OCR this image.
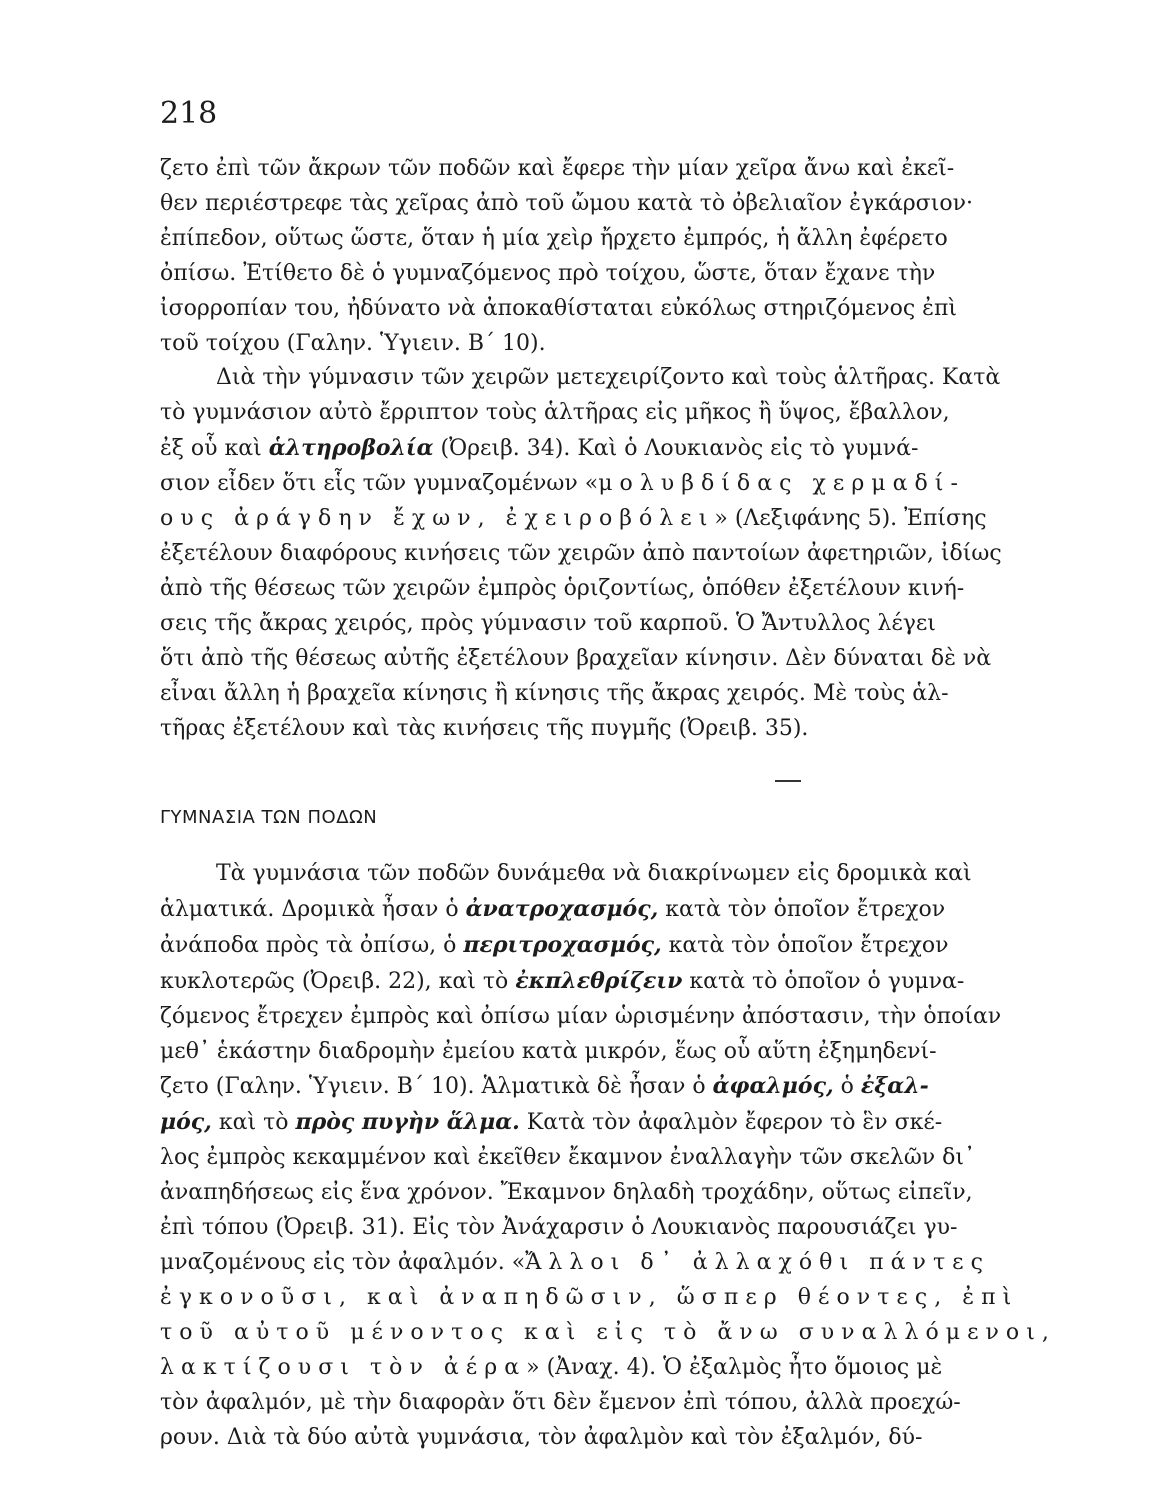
218
ζετο ἐπὶ τῶν ἄκρων τῶν ποδῶν καὶ ἔφερε τὴν μίαν χεῖρα ἄνω καὶ ἐκεῖ-
θεν περιέστρεφε τὰς χεῖρας ἀπὸ τοῦ ὤμου κατὰ τὸ ὀβελιαῖον ἐγκάρσιον·
ἐπίπεδον, οὕτως ὥστε, ὅταν ἡ μία χεὶρ ἤρχετο ἐμπρός, ἡ ἄλλη ἐφέρετο
ὀπίσω. Ἐτίθετο δὲ ὁ γυμναζόμενος πρὸ τοίχου, ὥστε, ὅταν ἔχανε τὴν
ἰσορροπίαν του, ἠδύνατο νὰ ἀποκαθίσταται εὐκόλως στηριζόμενος ἐπὶ
τοῦ τοίχου (Γαλην. Ὑγιειν. Β΄ 10).
Διὰ τὴν γύμνασιν τῶν χειρῶν μετεχειρίζοντο καὶ τοὺς ἁλτῆρας. Κατὰ
τὸ γυμνάσιον αὐτὸ ἔρριπτον τοὺς ἁλτῆρας εἰς μῆκος ἢ ὕψος, ἔβαλλον,
ἐξ οὗ καὶ ἁλτηροβολία (Ὀρειβ. 34). Καὶ ὁ Λουκιανὸς εἰς τὸ γυμνά-
σιον εἶδεν ὅτι εἷς τῶν γυμναζομένων «μολυβδίδας χερμαδί-
ους ἀράγδην ἔχων, ἐχειροβόλει» (Λεξιφάνης 5). Ἐπίσης
ἐξετέλουν διαφόρους κινήσεις τῶν χειρῶν ἀπὸ παντοίων ἀφετηριῶν, ἰδίως
ἀπὸ τῆς θέσεως τῶν χειρῶν ἐμπρὸς ὁριζοντίως, ὁπόθεν ἐξετέλουν κινή-
σεις τῆς ἄκρας χειρός, πρὸς γύμνασιν τοῦ καρποῦ. Ὁ Ἄντυλλος λέγει
ὅτι ἀπὸ τῆς θέσεως αὐτῆς ἐξετέλουν βραχεῖαν κίνησιν. Δὲν δύναται δὲ νὰ
εἶναι ἄλλη ἡ βραχεῖα κίνησις ἢ κίνησις τῆς ἄκρας χειρός. Μὲ τοὺς ἁλ-
τῆρας ἐξετέλουν καὶ τὰς κινήσεις τῆς πυγμῆς (Ὀρειβ. 35).
ΓΥΜΝΑΣΙΑ ΤΩΝ ΠΟΔΩΝ
Τὰ γυμνάσια τῶν ποδῶν δυνάμεθα νὰ διακρίνωμεν εἰς δρομικὰ καὶ
ἁλματικά. Δρομικὰ ἦσαν ὁ ἀνατροχασμός, κατὰ τὸν ὁποῖον ἔτρεχον
ἀνάποδα πρὸς τὰ ὀπίσω, ὁ περιτροχασμός, κατὰ τὸν ὁποῖον ἔτρεχον
κυκλοτερῶς (Ὀρειβ. 22), καὶ τὸ ἐκπλεθρίζειν κατὰ τὸ ὁποῖον ὁ γυμνα-
ζόμενος ἔτρεχεν ἐμπρὸς καὶ ὀπίσω μίαν ὡρισμένην ἀπόστασιν, τὴν ὁποίαν
μεθ᾽ ἑκάστην διαδρομὴν ἐμείου κατὰ μικρόν, ἕως οὗ αὕτη ἐξημηδενί-
ζετο (Γαλην. Ὑγιειν. Β΄ 10). Ἁλματικὰ δὲ ἦσαν ὁ ἀφαλμός, ὁ ἐξαλ-
μός, καὶ τὸ πρὸς πυγὴν ἅλμα. Κατὰ τὸν ἀφαλμὸν ἔφερον τὸ ἓν σκέ-
λος ἐμπρὸς κεκαμμένον καὶ ἐκεῖθεν ἔκαμνον ἐναλλαγὴν τῶν σκελῶν δι᾽
ἀναπηδήσεως εἰς ἕνα χρόνον. Ἔκαμνον δηλαδὴ τροχάδην, οὕτως εἰπεῖν,
ἐπὶ τόπου (Ὀρειβ. 31). Εἰς τὸν Ἀνάχαρσιν ὁ Λουκιανὸς παρουσιάζει γυ-
μναζομένους εἰς τὸν ἀφαλμόν. «Ἄλλοι δ᾽ ἀλλαχόθι πάντες
ἐγκονοῦσι, καὶ ἀναπηδῶσιν, ὥσπερ θέοντες, ἐπὶ
τοῦ αὐτοῦ μένοντος καὶ εἰς τὸ ἄνω συναλλόμενοι,
λακτίζουσι τὸν ἀέρα» (Ἀναχ. 4). Ὁ ἐξαλμὸς ἦτο ὅμοιος μὲ
τὸν ἀφαλμόν, μὲ τὴν διαφορὰν ὅτι δὲν ἔμενον ἐπὶ τόπου, ἀλλὰ προεχώ-
ρουν. Διὰ τὰ δύο αὐτὰ γυμνάσια, τὸν ἀφαλμὸν καὶ τὸν ἐξαλμόν, δύ-
